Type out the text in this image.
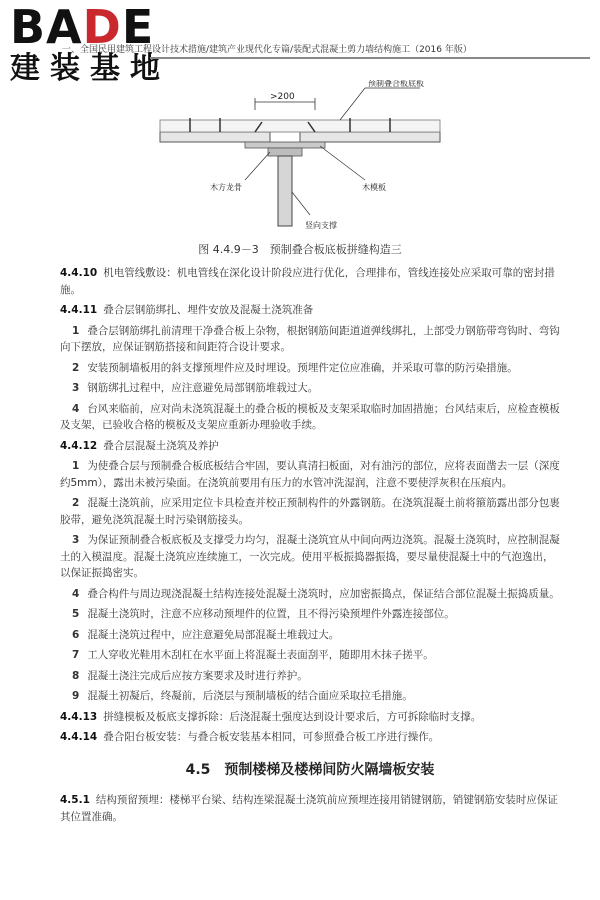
BADE
建装基地
一、全国民用建筑工程设计技术措施/建筑产业现代化专篇/装配式混凝土剪力墙结构施工（2016 年版）
>200
预制叠合板底板
木方龙骨	木模板
竖向支撑
图 4.4.9－3　预制叠合板底板拼缝构造三

4.4.10 机电管线敷设：机电管线在深化设计阶段应进行优化，合理排布，管线连接处应采取可靠的密封措施。

4.4.11 叠合层钢筋绑扎、埋件安放及混凝土浇筑准备

1 叠合层钢筋绑扎前清理干净叠合板上杂物，根据钢筋间距道道弹线绑扎，上部受力钢筋带弯钩时、弯钩向下摆放，应保证钢筋搭接和间距符合设计要求。

2 安装预制墙板用的斜支撑预埋件应及时埋设。预埋件定位应准确，并采取可靠的防污染措施。

3 钢筋绑扎过程中，应注意避免局部钢筋堆载过大。

4 台风来临前，应对尚未浇筑混凝土的叠合板的模板及支架采取临时加固措施；台风结束后，应检查模板及支架，已验收合格的模板及支架应重新办理验收手续。

4.4.12 叠合层混凝土浇筑及养护

1 为使叠合层与预制叠合板底板结合牢固，要认真清扫板面，对有油污的部位，应将表面凿去一层（深度约5mm），露出未被污染面。在浇筑前要用有压力的水管冲洗湿润，注意不要使浮灰积在压痕内。

2 混凝土浇筑前，应采用定位卡具检查并校正预制构件的外露钢筋。在浇筑混凝土前将箍筋露出部分包裹胶带，避免浇筑混凝土时污染钢筋接头。

3 为保证预制叠合板底板及支撑受力均匀，混凝土浇筑宜从中间向两边浇筑。混凝土浇筑时，应控制混凝土的入模温度。混凝土浇筑应连续施工，一次完成。使用平板振捣器振捣，要尽量使混凝土中的气泡逸出，以保证振捣密实。

4 叠合构件与周边现浇混凝土结构连接处混凝土浇筑时，应加密振捣点，保证结合部位混凝土振捣质量。

5 混凝土浇筑时，注意不应移动预埋件的位置，且不得污染预埋件外露连接部位。

6 混凝土浇筑过程中，应注意避免局部混凝土堆载过大。

7 工人穿收光鞋用木刮杠在水平面上将混凝土表面刮平，随即用木抹子搓平。

8 混凝土浇注完成后应按方案要求及时进行养护。

9 混凝土初凝后，终凝前，后浇层与预制墙板的结合面应采取拉毛措施。

4.4.13 拼缝模板及板底支撑拆除：后浇混凝土强度达到设计要求后，方可拆除临时支撑。

4.4.14 叠合阳台板安装：与叠合板安装基本相同，可参照叠合板工序进行操作。

4.5　预制楼梯及楼梯间防火隔墙板安装

4.5.1 结构预留预埋：楼梯平台梁、结构连梁混凝土浇筑前应预埋连接用销键钢筋，销键钢筋安装时应保证其位置准确。
